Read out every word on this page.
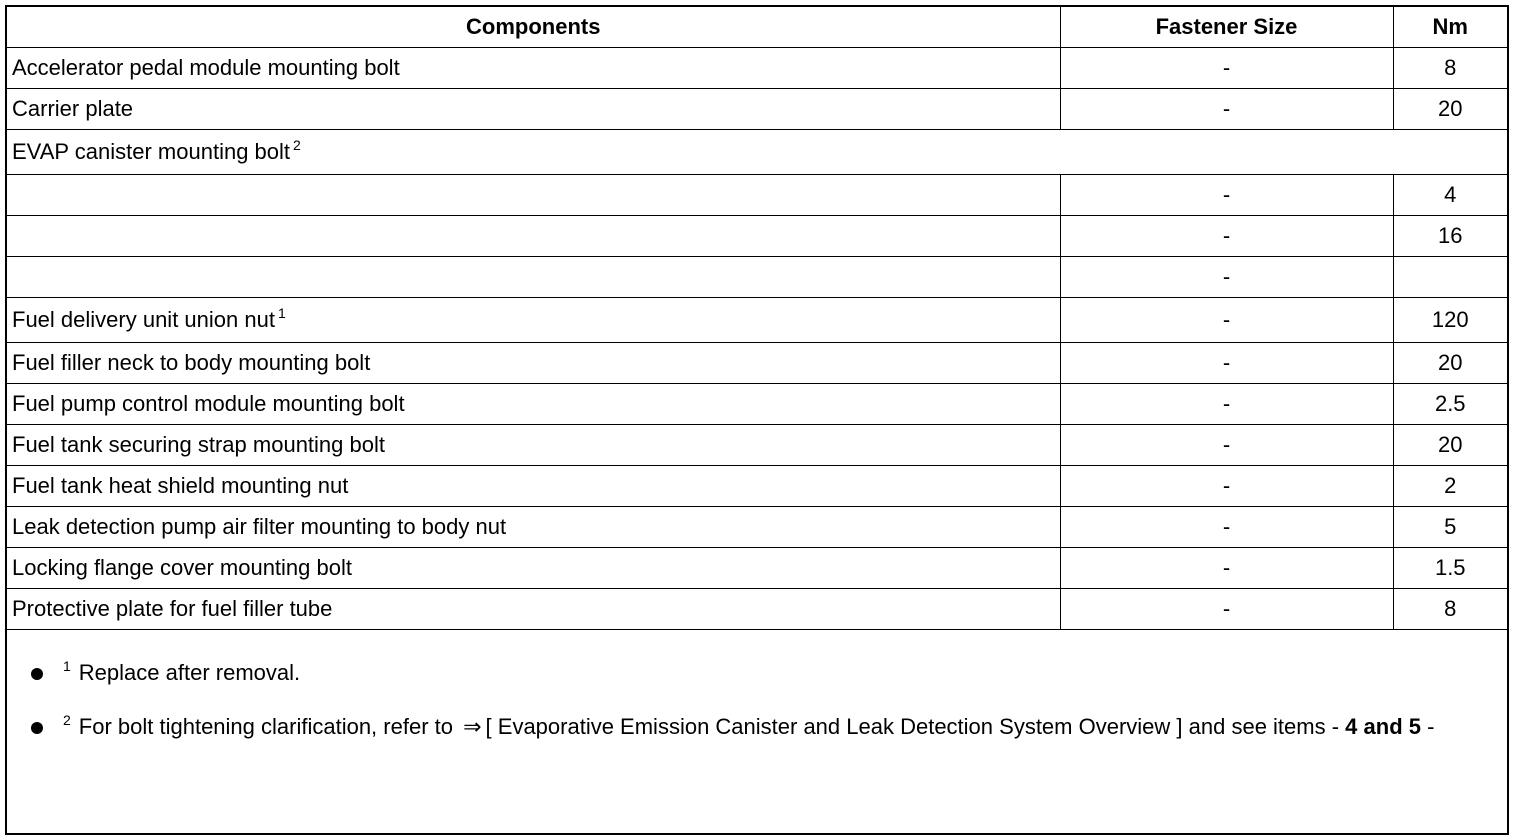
Components	Fastener Size	Nm
Accelerator pedal module mounting bolt	-	8
Carrier plate	-	20
EVAP canister mounting bolt $^2$
	-	4
	-	16
	-	
Fuel delivery unit union nut $^1$	-	120
Fuel filler neck to body mounting bolt	-	20
Fuel pump control module mounting bolt	-	2.5
Fuel tank securing strap mounting bolt	-	20
Fuel tank heat shield mounting nut	-	2
Leak detection pump air filter mounting to body nut	-	5
Locking flange cover mounting bolt	-	1.5
Protective plate for fuel filler tube	-	8
$^1$ Replace after removal.
$^2$ For bolt tightening clarification, refer to ⇒ [ Evaporative Emission Canister and Leak Detection System Overview ] and see items - 4 and 5 -
